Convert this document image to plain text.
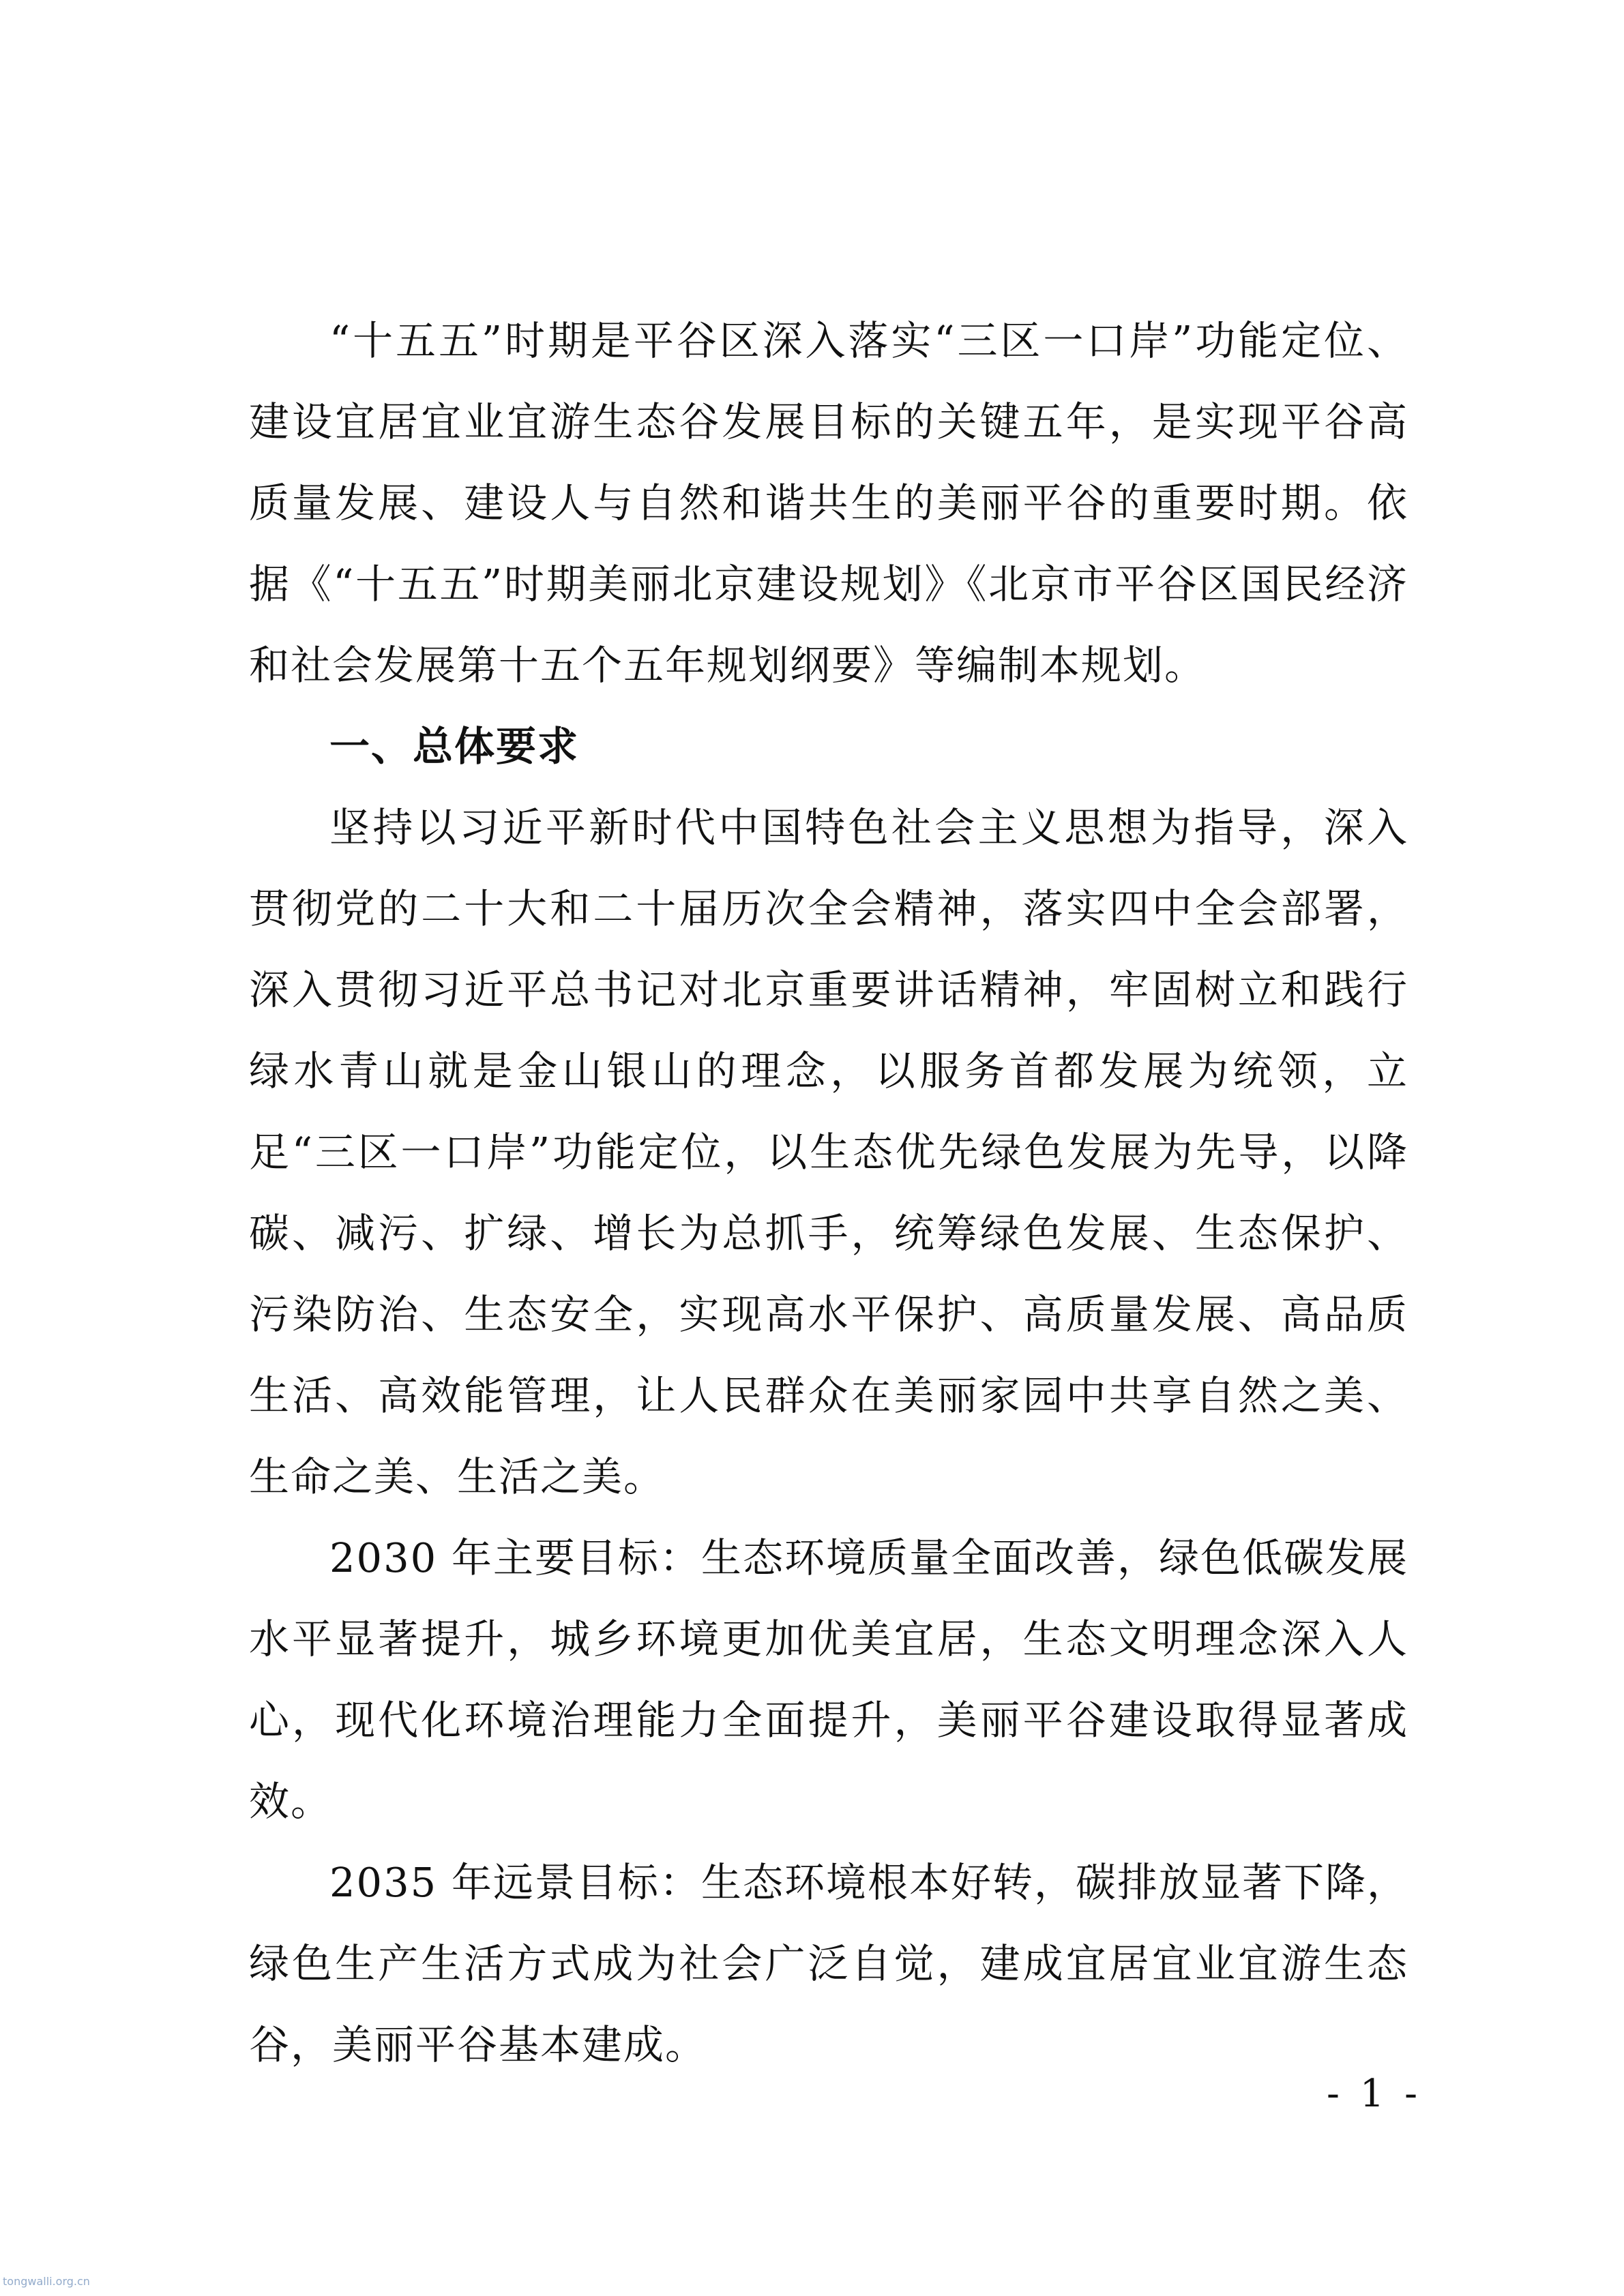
“十五五”时期是平谷区深入落实“三区一口岸”功能定位、建设宜居宜业宜游生态谷发展目标的关键五年，是实现平谷高质量发展、建设人与自然和谐共生的美丽平谷的重要时期。依据《“十五五”时期美丽北京建设规划》《北京市平谷区国民经济和社会发展第十五个五年规划纲要》等编制本规划。

一、总体要求

坚持以习近平新时代中国特色社会主义思想为指导，深入贯彻党的二十大和二十届历次全会精神，落实四中全会部署，深入贯彻习近平总书记对北京重要讲话精神，牢固树立和践行绿水青山就是金山银山的理念，以服务首都发展为统领，立足“三区一口岸”功能定位，以生态优先绿色发展为先导，以降碳、减污、扩绿、增长为总抓手，统筹绿色发展、生态保护、污染防治、生态安全，实现高水平保护、高质量发展、高品质生活、高效能管理，让人民群众在美丽家园中共享自然之美、生命之美、生活之美。

2030 年主要目标：生态环境质量全面改善，绿色低碳发展水平显著提升，城乡环境更加优美宜居，生态文明理念深入人心，现代化环境治理能力全面提升，美丽平谷建设取得显著成效。

2035 年远景目标：生态环境根本好转，碳排放显著下降，绿色生产生活方式成为社会广泛自觉，建成宜居宜业宜游生态谷，美丽平谷基本建成。

- 1 -
tongwalli.org.cn
